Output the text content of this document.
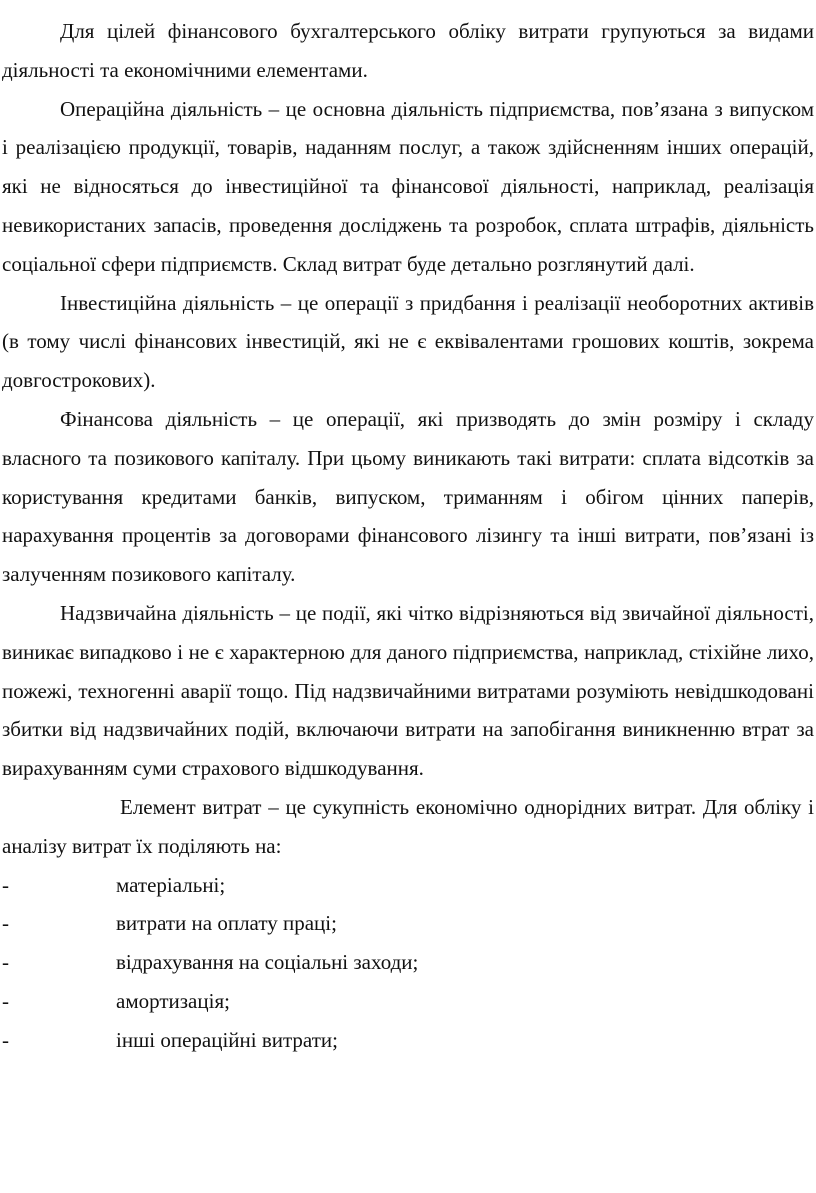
Для цілей фінансового бухгалтерського обліку витрати групуються за видами діяльності та економічними елементами.

Операційна діяльність – це основна діяльність підприємства, пов’язана з випуском і реалізацією продукції, товарів, наданням послуг, а також здійсненням інших операцій, які не відносяться до інвестиційної та фінансової діяльності, наприклад, реалізація невикористаних запасів, проведення досліджень та розробок, сплата штрафів, діяльність соціальної сфери підприємств. Склад витрат буде детально розглянутий далі.

Інвестиційна діяльність – це операції з придбання і реалізації необоротних активів (в тому числі фінансових інвестицій, які не є еквівалентами грошових коштів, зокрема довгострокових).

Фінансова діяльність – це операції, які призводять до змін розміру і складу власного та позикового капіталу. При цьому виникають такі витрати: сплата відсотків за користування кредитами банків, випуском, триманням і обігом цінних паперів, нарахування процентів за договорами фінансового лізингу та інші витрати, пов’язані із залученням позикового капіталу.

Надзвичайна діяльність – це події, які чітко відрізняються від звичайної діяльності, виникає випадково і не є характерною для даного підприємства, наприклад, стіхійне лихо, пожежі, техногенні аварії тощо. Під надзвичайними витратами розуміють невідшкодовані збитки від надзвичайних подій, включаючи витрати на запобігання виникненню втрат за вирахуванням суми страхового відшкодування.

Елемент витрат – це сукупність економічно однорідних витрат. Для обліку і аналізу витрат їх поділяють на:

-	матеріальні;
-	витрати на оплату праці;
-	відрахування на соціальні заходи;
-	амортизація;
-	інші операційні витрати;
